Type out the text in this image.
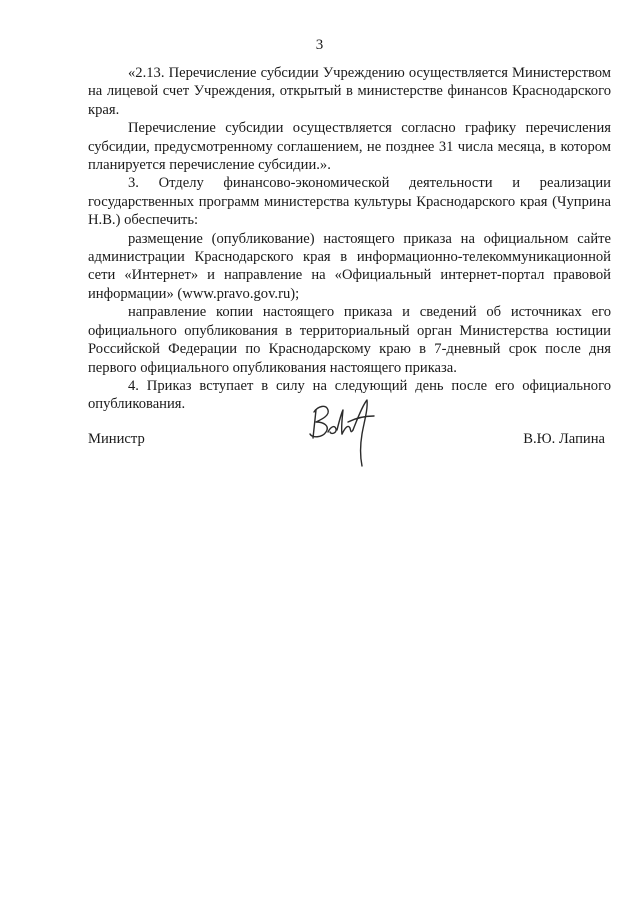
3

«2.13. Перечисление субсидии Учреждению осуществляется Министерством на лицевой счет Учреждения, открытый в министерстве финансов Краснодарского края.

Перечисление субсидии осуществляется согласно графику перечисления субсидии, предусмотренному соглашением, не позднее 31 числа месяца, в котором планируется перечисление субсидии.».

3. Отделу финансово-экономической деятельности и реализации государственных программ министерства культуры Краснодарского края (Чуприна Н.В.) обеспечить:

размещение (опубликование) настоящего приказа на официальном сайте администрации Краснодарского края в информационно-телекоммуникационной сети «Интернет» и направление на «Официальный интернет-портал правовой информации» (www.pravo.gov.ru);

направление копии настоящего приказа и сведений об источниках его официального опубликования в территориальный орган Министерства юстиции Российской Федерации по Краснодарскому краю в 7-дневный срок после дня первого официального опубликования настоящего приказа.

4. Приказ вступает в силу на следующий день после его официального опубликования.

Министр	В.Ю. Лапина
